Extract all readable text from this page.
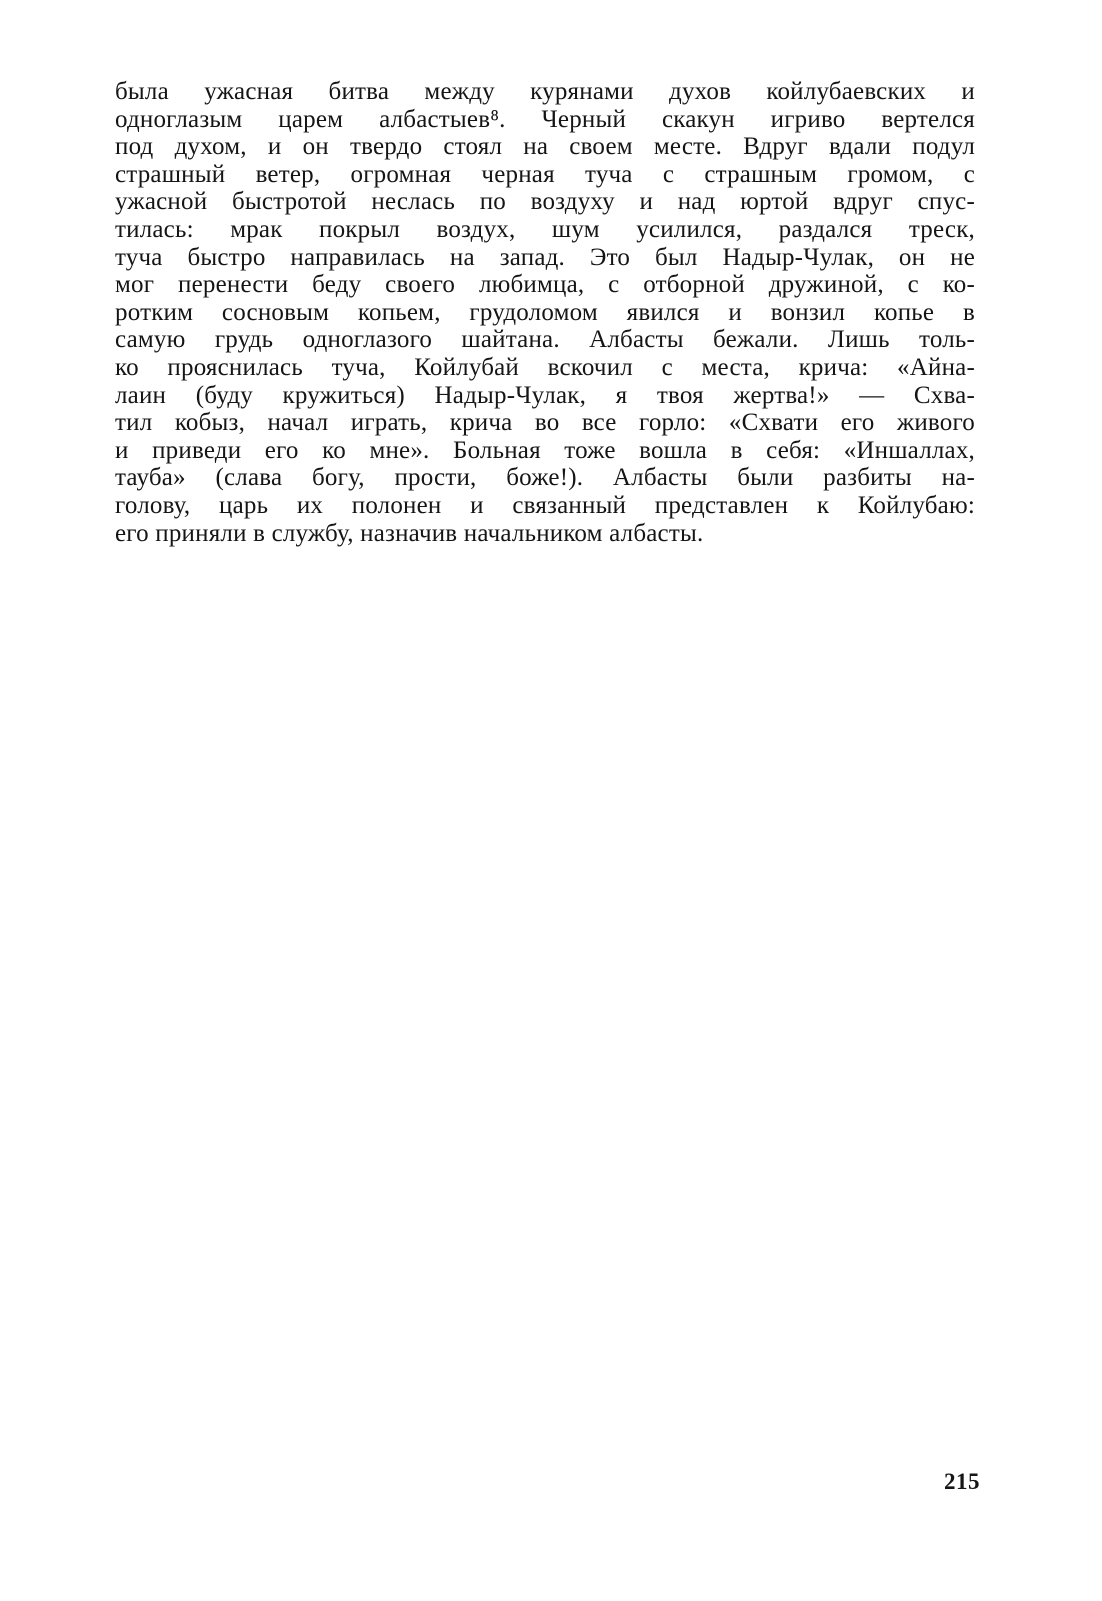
была ужасная битва между курянами духов койлубаевских и
одноглазым царем албастыев⁸. Черный скакун игриво вертелся
под духом, и он твердо стоял на своем месте. Вдруг вдали подул
страшный ветер, огромная черная туча с страшным громом, с
ужасной быстротой неслась по воздуху и над юртой вдруг спус-
тилась: мрак покрыл воздух, шум усилился, раздался треск,
туча быстро направилась на запад. Это был Надыр-Чулак, он не
мог перенести беду своего любимца, с отборной дружиной, с ко-
ротким сосновым копьем, грудоломом явился и вонзил копье в
самую грудь одноглазого шайтана. Албасты бежали. Лишь толь-
ко прояснилась туча, Койлубай вскочил с места, крича: «Айна-
лаин (буду кружиться) Надыр-Чулак, я твоя жертва!» — Схва-
тил кобыз, начал играть, крича во все горло: «Схвати его живого
и приведи его ко мне». Больная тоже вошла в себя: «Иншаллах,
тауба» (слава богу, прости, боже!). Албасты были разбиты на-
голову, царь их полонен и связанный представлен к Койлубаю:
его приняли в службу, назначив начальником албасты.
215
